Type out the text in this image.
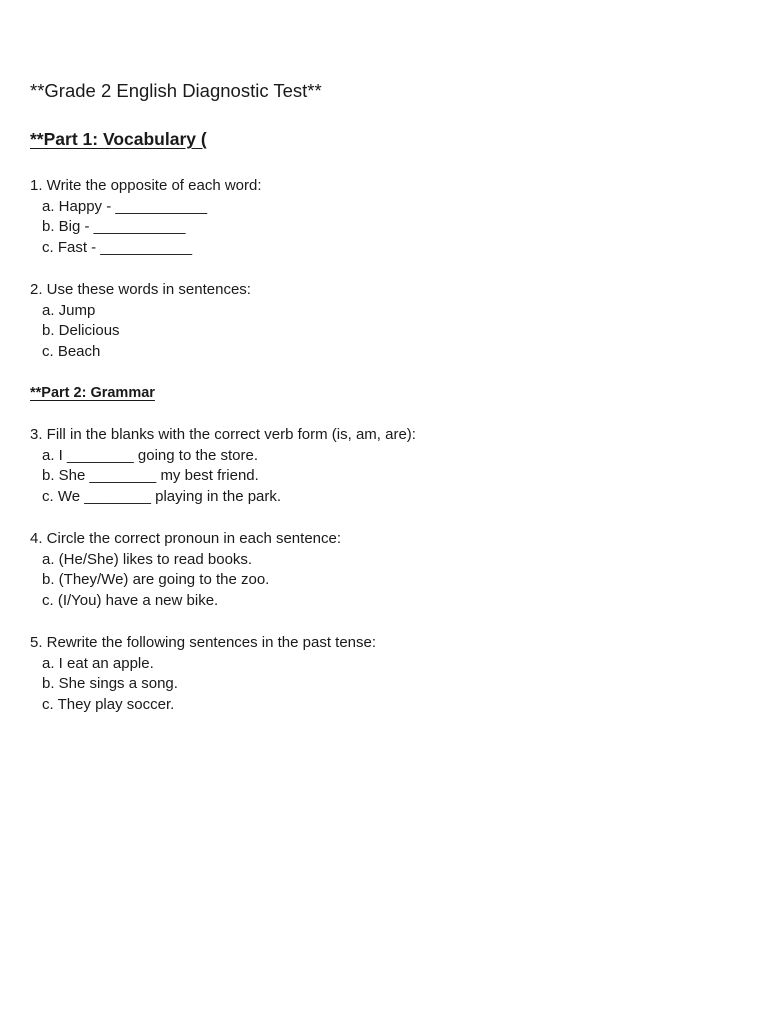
**Grade 2 English Diagnostic Test**
**Part 1: Vocabulary (
1. Write the opposite of each word:
a. Happy - ___________
b. Big - ___________
c. Fast - ___________
2. Use these words in sentences:
a. Jump
b. Delicious
c. Beach
**Part 2: Grammar
3. Fill in the blanks with the correct verb form (is, am, are):
a. I ________ going to the store.
b. She ________ my best friend.
c. We ________ playing in the park.
4. Circle the correct pronoun in each sentence:
a. (He/She) likes to read books.
b. (They/We) are going to the zoo.
c. (I/You) have a new bike.
5. Rewrite the following sentences in the past tense:
a. I eat an apple.
b. She sings a song.
c. They play soccer.
